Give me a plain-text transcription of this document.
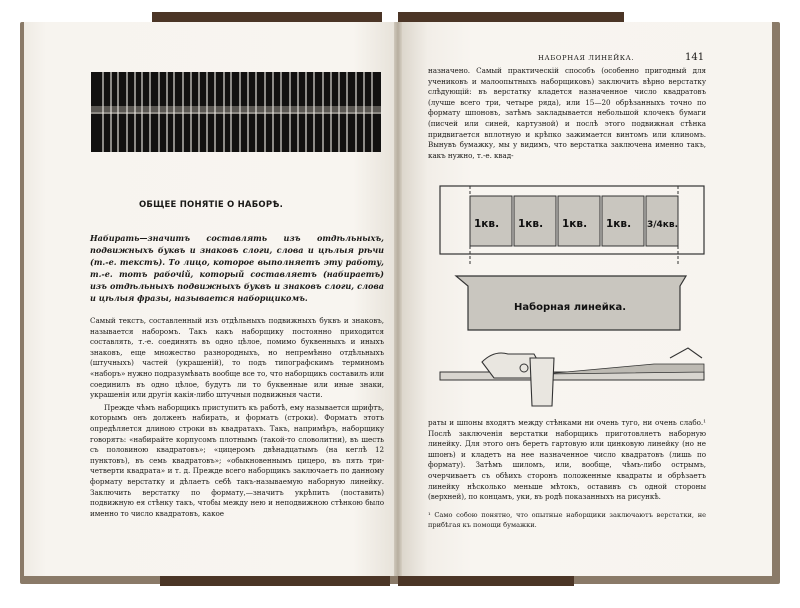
ОБЩЕЕ ПОНЯТIЕ О НАБОРѢ.
Набирать—значитъ составлять изъ отдѣльныхъ, подвижныхъ буквъ и знаковъ слоги, слова и цѣлыя рѣчи (т.-е. текстъ). То лицо, которое выполняетъ эту работу, т.-е. тотъ рабочiй, который составляетъ (набираетъ) изъ отдѣльныхъ подвижныхъ буквъ и знаковъ слоги, слова и цѣлыя фразы, называется наборщикомъ.

Самый текстъ, составленный изъ отдѣльныхъ подвижныхъ буквъ и знаковъ, называется наборомъ. Такъ какъ наборщику постоянно приходится составлять, т.-е. соединять въ одно цѣлое, помимо буквенныхъ и иныхъ знаковъ, еще множество разнородныхъ, но непремѣнно отдѣльныхъ (штучныхъ) частей (украшенiй), то подъ типографскимъ терминомъ «наборъ» нужно подразумѣвать вообще все то, что наборщикъ составилъ или соединилъ въ одно цѣлое, будутъ ли то буквенные или иные знаки, украшенiя или другiя какiя-либо штучныя подвижныя части.

Прежде чѣмъ наборщикъ приступитъ къ работѣ, ему называется шрифтъ, которымъ онъ долженъ набирать, и форматъ (строки). Форматъ этотъ опредѣляется длиною строки въ квадратахъ. Такъ, напримѣръ, наборщику говорятъ: «набирайте корпусомъ плотнымъ (такой-то словолитни), въ шесть съ половиною квадратовъ»; «цицеромъ двѣнадцатымъ (на кеглѣ 12 пунктовъ), въ семь квадратовъ»; «обыкновеннымъ цицеро, въ пять три-четверти квадрата» и т. д. Прежде всего наборщикъ заключаетъ по данному формату верстатку и дѣлаетъ себѣ такъ-называемую наборную линейку. Заключить верстатку по формату,—значитъ укрѣпить (поставить) подвижную ея стѣнку такъ, чтобы между нею и неподвижною стѣнкою было именно то число квадратовъ, какое

НАБОРНАЯ ЛИНЕЙКА.	141
назначено. Самый практическiй способъ (особенно пригодный для учениковъ и малоопытныхъ наборщиковъ) заключить вѣрно верстатку слѣдующiй: въ верстатку кладется назначенное число квадратовъ (лучше всего три, четыре ряда), или 15—20 обрѣзанныхъ точно по формату шпоновъ, затѣмъ закладывается небольшой клочекъ бумаги (писчей или синей, картузной) и послѣ этого подвижная стѣнка придвигается вплотную и крѣпко зажимается винтомъ или клиномъ. Вынувъ бумажку, мы у видимъ, что верстатка заключена именно такъ, какъ нужно, т.-е. квад-
1кв. 1кв. 1кв. 1кв. 3/4кв.
Наборная линейка.
раты и шпоны входятъ между стѣнками ни очень туго, ни очень слабо.¹ Послѣ заключенiя верстатки наборщикъ приготовляетъ наборную линейку. Для этого онъ беретъ гартовую или цинковую линейку (но не шпонъ) и кладетъ на нее назначенное число квадратовъ (лишь по формату). Затѣмъ шиломъ, или, вообще, чѣмъ-либо острымъ, очерчиваетъ съ обѣихъ сторонъ положенные квадраты и обрѣзаетъ линейку нѣсколько меньше мѣтокъ, оставивъ съ одной стороны (верхней), по концамъ, уки, въ родѣ показанныхъ на рисункѣ.
¹ Само собою понятно, что опытные наборщики заключаютъ верстатки, не прибѣгая къ помощи бумажки.
